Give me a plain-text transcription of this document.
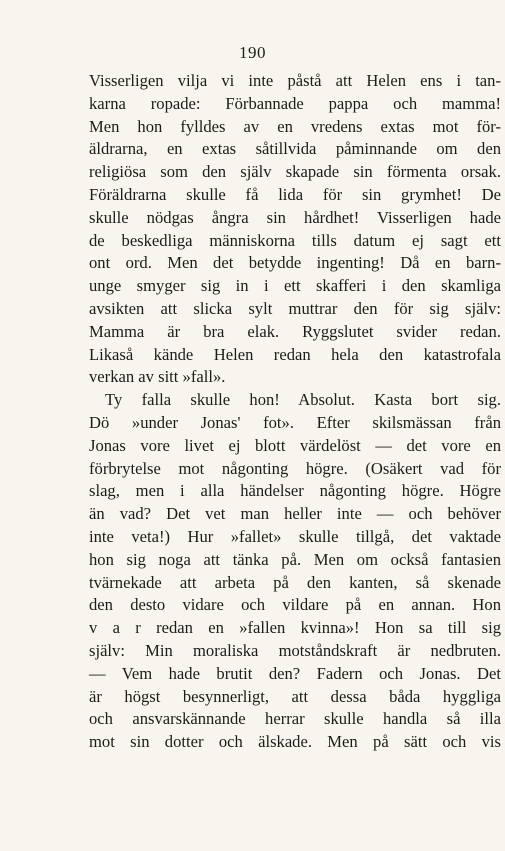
190
Visserligen vilja vi inte påstå att Helen ens i tan-
karna ropade: Förbannade pappa och mamma!
Men hon fylldes av en vredens extas mot för-
äldrarna, en extas såtillvida påminnande om den
religiösa som den själv skapade sin förmenta orsak.
Föräldrarna skulle få lida för sin grymhet! De
skulle nödgas ångra sin hårdhet! Visserligen hade
de beskedliga människorna tills datum ej sagt ett
ont ord. Men det betydde ingenting! Då en barn-
unge smyger sig in i ett skafferi i den skamliga
avsikten att slicka sylt muttrar den för sig själv:
Mamma är bra elak. Ryggslutet svider redan.
Likaså kände Helen redan hela den katastrofala
verkan av sitt »fall».
Ty falla skulle hon! Absolut. Kasta bort sig.
Dö »under Jonas' fot». Efter skilsmässan från
Jonas vore livet ej blott värdelöst — det vore en
förbrytelse mot någonting högre. (Osäkert vad för
slag, men i alla händelser någonting högre. Högre
än vad? Det vet man heller inte — och behöver
inte veta!) Hur »fallet» skulle tillgå, det vaktade
hon sig noga att tänka på. Men om också fantasien
tvärnekade att arbeta på den kanten, så skenade
den desto vidare och vildare på en annan. Hon
v a r redan en »fallen kvinna»! Hon sa till sig
själv: Min moraliska motståndskraft är nedbruten.
— Vem hade brutit den? Fadern och Jonas. Det
är högst besynnerligt, att dessa båda hyggliga
och ansvarskännande herrar skulle handla så illa
mot sin dotter och älskade. Men på sätt och vis
